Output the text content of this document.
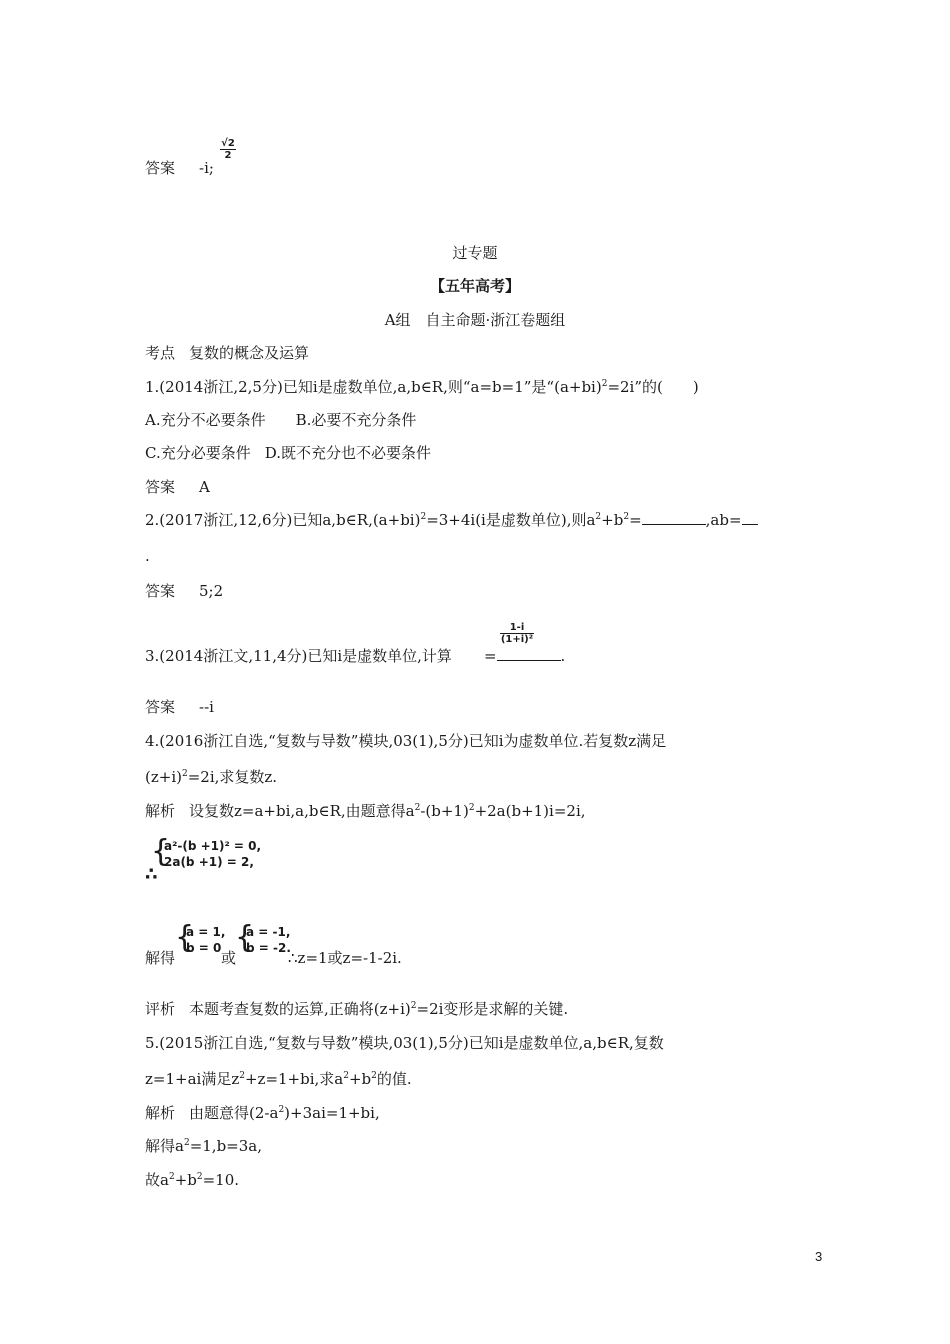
答案 -i;
$\frac{√2}{2}$
过专题
【五年高考】
A组　自主命题·浙江卷题组
考点 复数的概念及运算
1.(2014浙江,2,5分)已知i是虚数单位,a,b∈R,则“a=b=1”是“$(a+bi)^2=2i$”的(　　)
A.充分不必要条件 B.必要不充分条件
C.充分必要条件 D.既不充分也不必要条件
答案 A
2.(2017浙江,12,6分)已知$a,b\in R,(a+bi)^2=3+4i(i$是虚数单位),则$a^2+b^2=$	,ab=
.
答案 5;2
3.(2014浙江文,11,4分)已知i是虚数单位,计算 =	.
$\frac{1-i}{\text{(1+i)²}}$
答案 --i
4.(2016浙江自选,“复数与导数”模块,03(1),5分)已知i为虚数单位.若复数z满足
$(z+i)^2=2i$,求复数z.
解析 设复数z=a+bi,a,b∈R,由题意得$a^2-(b+1)^2+2a(b+1)i=2i$,
{
a²-(b +1)² = 0,
2a(b +1) = 2,
∴
解得
{
a = 1,
b = 0
或
{
a = -1,
b = -2.
∴z=1或z=-1-2i.
评析 本题考查复数的运算,正确将$(z+i)^2=2i$变形是求解的关键.
5.(2015浙江自选,“复数与导数”模块,03(1),5分)已知i是虚数单位,a,b∈R,复数
z=1+ai满足$z^2+z=1+bi$,求$a^2+b^2$的值.
解析 由题意得$(2-a^2)+3ai=1+bi$,
解得$a^2=1,b=3a$,
故$a^2+b^2=10$.
3
